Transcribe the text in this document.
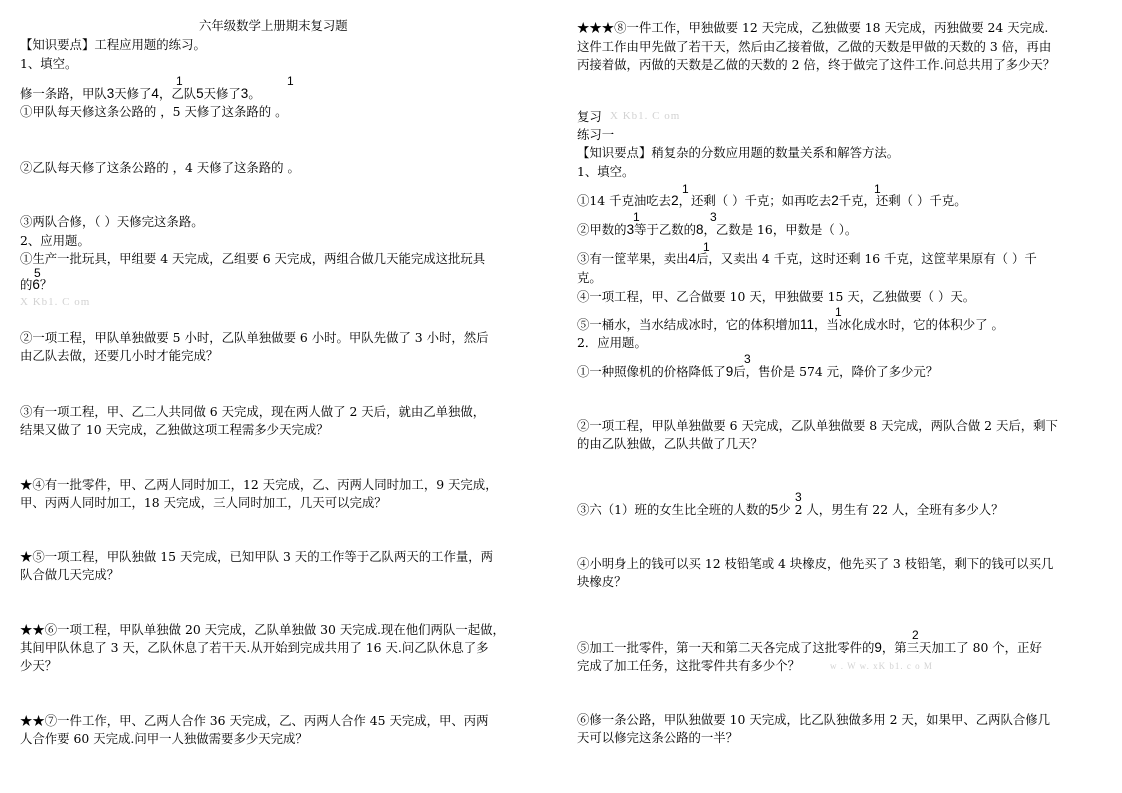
六年级数学上册期末复习题
【知识要点】工程应用题的练习。
1、填空。
修一条路，甲队3天修了4，乙队5天修了3。
1	1
①甲队每天修这条公路的 ，5 天修了这条路的 。
②乙队每天修了这条公路的 ，4 天修了这条路的 。
③两队合修，（ ）天修完这条路。
2、应用题。
①生产一批玩具，甲组要 4 天完成，乙组要 6 天完成，两组合做几天能完成这批玩具
的6？
5
X Kb1. C om
②一项工程，甲队单独做要 5 小时，乙队单独做要 6 小时。甲队先做了 3 小时，然后
由乙队去做，还要几小时才能完成？
③有一项工程，甲、乙二人共同做 6 天完成，现在两人做了 2 天后，就由乙单独做，
结果又做了 10 天完成，乙独做这项工程需多少天完成？
★④有一批零件，甲、乙两人同时加工，12 天完成，乙、丙两人同时加工，9 天完成，
甲、丙两人同时加工，18 天完成，三人同时加工，几天可以完成？
★⑤一项工程，甲队独做 15 天完成，已知甲队 3 天的工作等于乙队两天的工作量，两
队合做几天完成？
★★⑥一项工程，甲队单独做 20 天完成，乙队单独做 30 天完成.现在他们两队一起做，
其间甲队休息了 3 天，乙队休息了若干天.从开始到完成共用了 16 天.问乙队休息了多
少天？
★★⑦一件工作，甲、乙两人合作 36 天完成，乙、丙两人合作 45 天完成，甲、丙两
人合作要 60 天完成.问甲一人独做需要多少天完成？
★★★⑧一件工作，甲独做要 12 天完成，乙独做要 18 天完成，丙独做要 24 天完成.
这件工作由甲先做了若干天，然后由乙接着做，乙做的天数是甲做的天数的 3 倍，再由
丙接着做，丙做的天数是乙做的天数的 2 倍，终于做完了这件工作.问总共用了多少天？
复习 X Kb1. C om
练习一
【知识要点】稍复杂的分数应用题的数量关系和解答方法。
1、填空。
①14 千克油吃去2，还剩（ ）千克；如再吃去2千克，还剩（ ）千克。
1	1
②甲数的3等于乙数的8，乙数是 16，甲数是（ ）。
1	3
③有一筐苹果，卖出4后，又卖出 4 千克，这时还剩 16 千克，这筐苹果原有（ ）千
1
克。
④一项工程，甲、乙合做要 10 天，甲独做要 15 天，乙独做要（ ）天。
⑤一桶水，当水结成冰时，它的体积增加11，当冰化成水时，它的体积少了 。
1
2．应用题。
①一种照像机的价格降低了9后，售价是 574 元，降价了多少元？
3
②一项工程，甲队单独做要 6 天完成，乙队单独做要 8 天完成，两队合做 2 天后，剩下
的由乙队独做，乙队共做了几天？
③六（1）班的女生比全班的人数的5少 2 人，男生有 22 人，全班有多少人？
3
④小明身上的钱可以买 12 枝铅笔或 4 块橡皮，他先买了 3 枝铅笔，剩下的钱可以买几
块橡皮？
⑤加工一批零件，第一天和第二天各完成了这批零件的9，第三天加工了 80 个，正好
2
完成了加工任务，这批零件共有多少个？	w . W w. xK b1. c o M
⑥修一条公路，甲队独做要 10 天完成，比乙队独做多用 2 天，如果甲、乙两队合修几
天可以修完这条公路的一半？
